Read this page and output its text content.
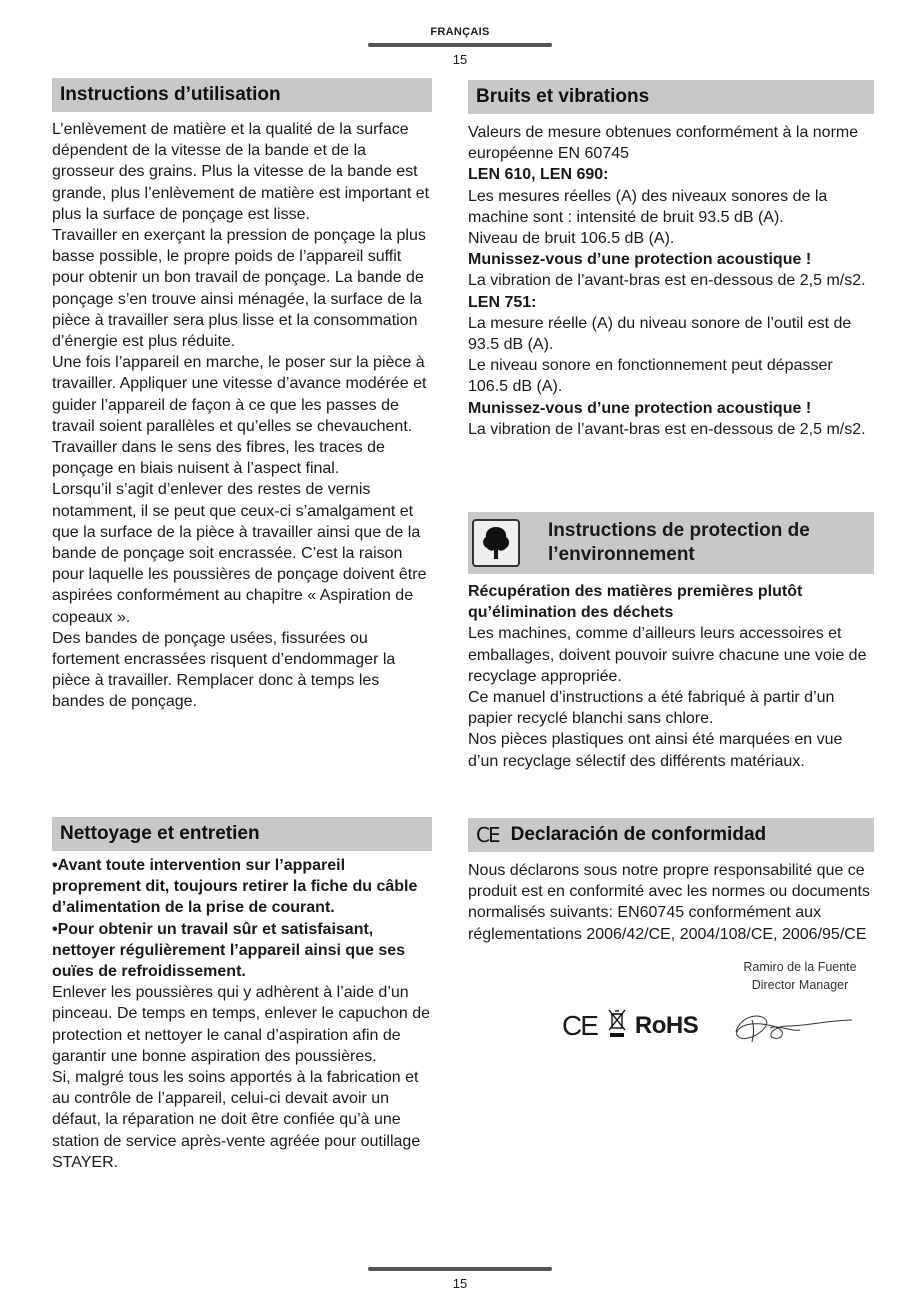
FRANÇAIS
15
Instructions d’utilisation

L’enlèvement de matière et la qualité de la surface dépendent de la vitesse de la bande et de la grosseur des grains. Plus la vitesse de la bande est grande, plus l’enlèvement de matière est important et plus la surface de ponçage est lisse.

Travailler en exerçant la pression de ponçage la plus basse possible, le propre poids de l’appareil suffit pour obtenir un bon travail de ponçage. La bande de ponçage s’en trouve ainsi ménagée, la surface de la pièce à travailler sera plus lisse et la consommation d’énergie est plus réduite.

Une fois l’appareil en marche, le poser sur la pièce à travailler. Appliquer une vitesse d’avance modérée et guider l’appareil de façon à ce que les passes de travail soient parallèles et qu’elles se chevauchent. Travailler dans le sens des fibres, les traces de ponçage en biais nuisent à l’aspect final.

Lorsqu’il s’agit d’enlever des restes de vernis notamment, il se peut que ceux-ci s’amalgament et que la surface de la pièce à travailler ainsi que de la bande de ponçage soit encrassée. C’est la raison pour laquelle les poussières de ponçage doivent être aspirées conformément au chapitre « Aspiration de copeaux ».

Des bandes de ponçage usées, fissurées ou fortement encrassées risquent d’endommager la pièce à travailler. Remplacer donc à temps les bandes de ponçage.

Nettoyage et entretien

•Avant toute intervention sur l’appareil proprement dit, toujours retirer la fiche du câble d’alimentation de la prise de courant.

•Pour obtenir un travail sûr et satisfaisant, nettoyer régulièrement l’appareil ainsi que ses ouïes de refroidissement.

Enlever les poussières qui y adhèrent à l’aide d’un pinceau. De temps en temps, enlever le capuchon de protection et nettoyer le canal d’aspiration afin de garantir une bonne aspiration des poussières.

Si, malgré tous les soins apportés à la fabrication et au contrôle de l’appareil, celui-ci devait avoir un défaut, la réparation ne doit être confiée qu’à une station de service après-vente agréée pour outillage STAYER.

Bruits et vibrations

Valeurs de mesure obtenues conformément à la norme européenne EN 60745

LEN 610, LEN 690:

Les mesures réelles (A) des niveaux sonores de la machine sont : intensité de bruit 93.5 dB (A).

Niveau de bruit 106.5 dB (A).

Munissez-vous d’une protection acoustique !

La vibration de l’avant-bras est en-dessous de 2,5 m/s2.

LEN 751:

La mesure réelle (A) du niveau sonore de l’outil est de 93.5 dB (A).

Le niveau sonore en fonctionnement peut dépasser 106.5 dB (A).

Munissez-vous d’une protection acoustique !

La vibration de l’avant-bras est en-dessous de 2,5 m/s2.

Instructions de protection de
l’environnement

Récupération des matières premières plutôt qu’élimination des déchets

Les machines, comme d’ailleurs leurs accessoires et emballages, doivent pouvoir suivre chacune une voie de recyclage appropriée.

Ce manuel d’instructions a été fabriqué à partir d’un papier recyclé blanchi sans chlore.

Nos pièces plastiques ont ainsi été marquées en vue d’un recyclage sélectif des différents matériaux.

CE Declaración de conformidad
Nous déclarons sous notre propre responsabilité que ce produit est en conformité avec les normes ou documents normalisés suivants: EN60745 conformément aux réglementations 2006/42/CE, 2004/108/CE, 2006/95/CE
Ramiro de la Fuente
Director Manager
CE RoHS
15
